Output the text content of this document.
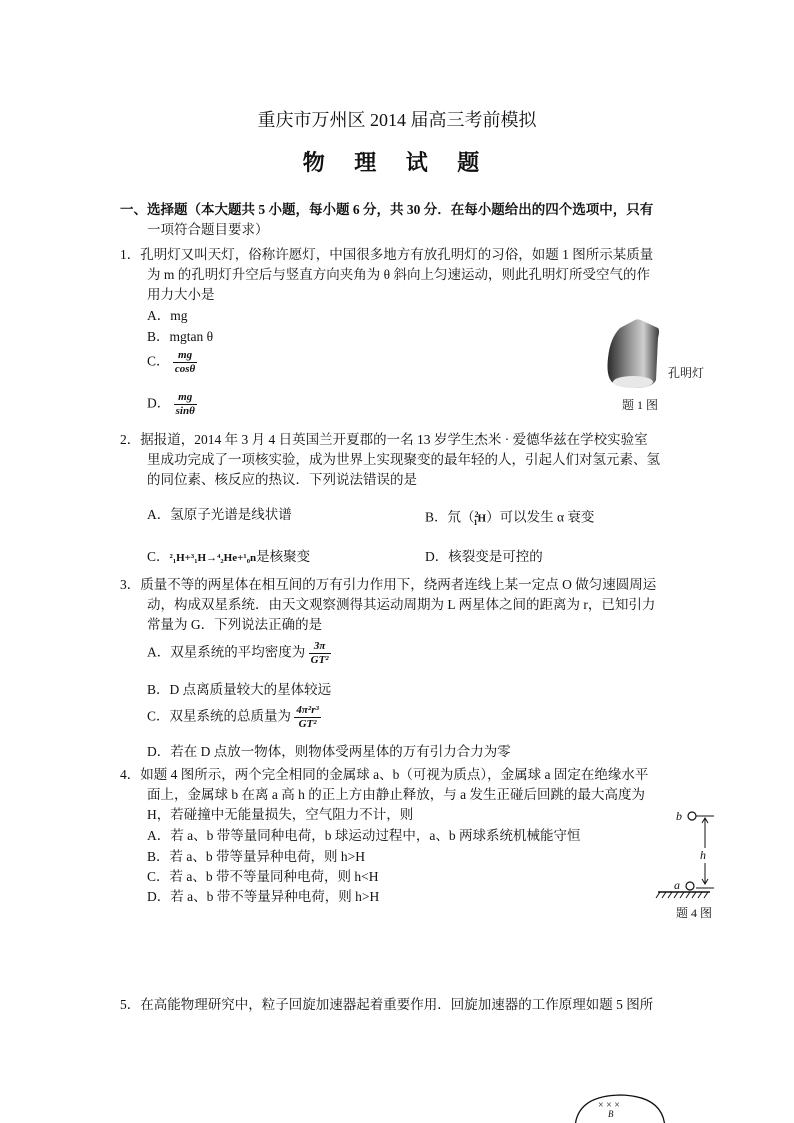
重庆市万州区 2014 届高三考前模拟
物 理 试 题
一、选择题（本大题共 5 小题，每小题 6 分，共 30 分．在每小题给出的四个选项中，只有
一项符合题目要求）
1．孔明灯又叫天灯，俗称许愿灯，中国很多地方有放孔明灯的习俗，如题 1 图所示某质量
为 m 的孔明灯升空后与竖直方向夹角为 θ 斜向上匀速运动，则此孔明灯所受空气的作
用力大小是
A．mg
B．mgtan θ
C． $\frac{mg}{\cos\theta}$
D． $\frac{mg}{\sin\theta}$
孔明灯
题 1 图
2．据报道，2014 年 3 月 4 日英国兰开夏郡的一名 13 岁学生杰米 · 爱德华兹在学校实验室
里成功完成了一项核实验，成为世界上实现聚变的最年轻的人，引起人们对氢元素、氢
的同位素、核反应的热议．下列说法错误的是
A．氢原子光谱是线状谱	B．氘（$^2_1$H）可以发生 α 衰变
C．²₁H+³₁H→⁴₂He+¹₀n是核聚变	D．核裂变是可控的
3．质量不等的两星体在相互间的万有引力作用下，绕两者连线上某一定点 O 做匀速圆周运
动，构成双星系统．由天文观察测得其运动周期为 L 两星体之间的距离为 r，已知引力
常量为 G．下列说法正确的是
A．双星系统的平均密度为 $\frac{3\pi}{\text{GT²}}$
B．D 点离质量较大的星体较远
C．双星系统的总质量为 $\frac{\text{4π²r³}}{\text{GT²}}$
D．若在 D 点放一物体，则物体受两星体的万有引力合力为零
4．如题 4 图所示，两个完全相同的金属球 a、b（可视为质点），金属球 a 固定在绝缘水平
面上，金属球 b 在离 a 高 h 的正上方由静止释放，与 a 发生正碰后回跳的最大高度为
H，若碰撞中无能量损失，空气阻力不计，则
A．若 a、b 带等量同种电荷，b 球运动过程中，a、b 两球系统机械能守恒
B．若 a、b 带等量异种电荷，则 h>H
C．若 a、b 带不等量同种电荷，则 h<H
D．若 a、b 带不等量异种电荷，则 h>H
b
h
a
题 4 图
5．在高能物理研究中，粒子回旋加速器起着重要作用．回旋加速器的工作原理如题 5 图所
× × ×
B
